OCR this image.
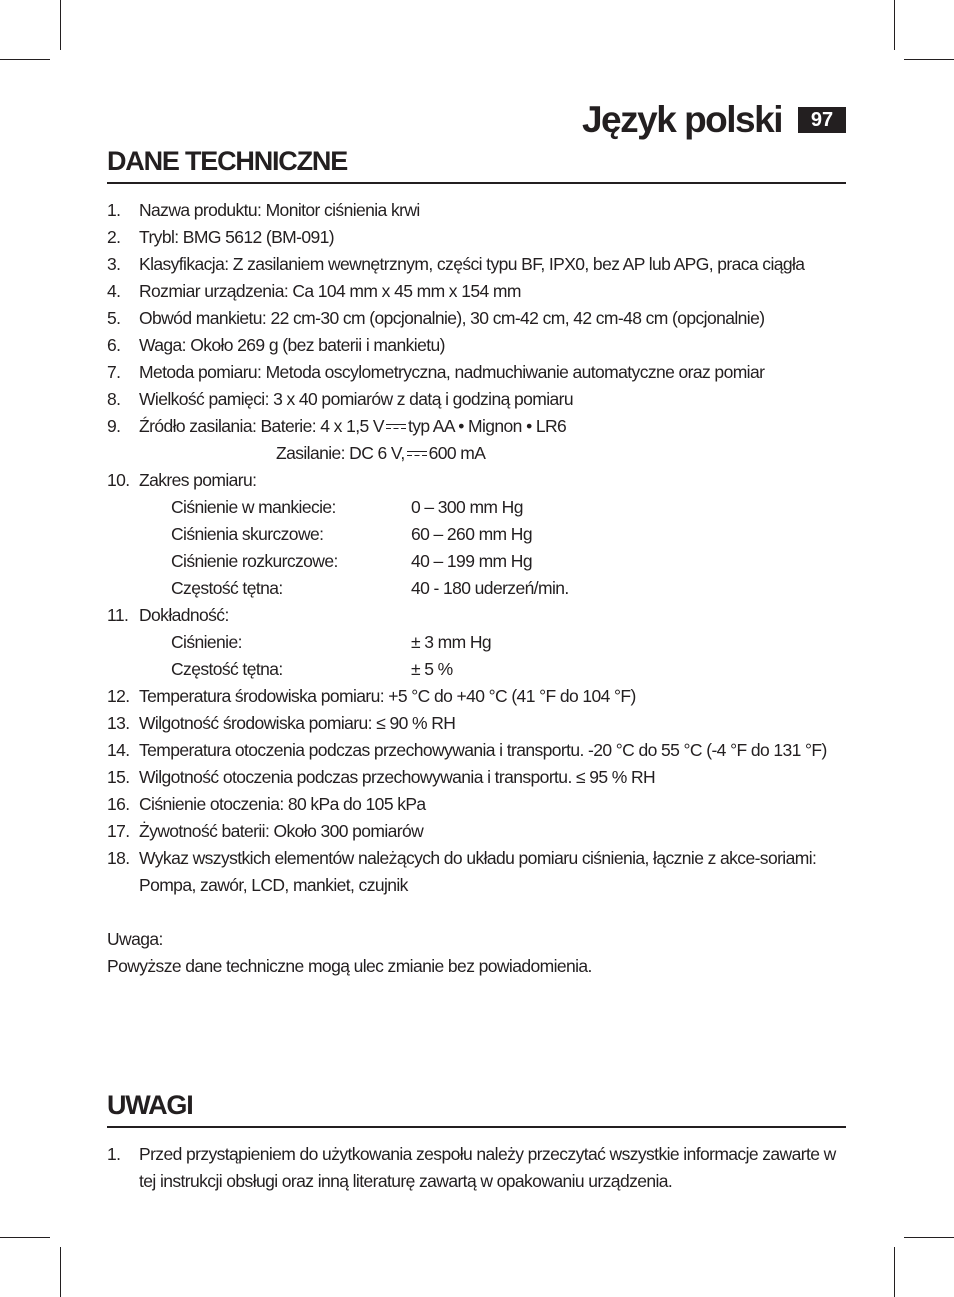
Język polski	97
DANE TECHNICZNE
1.	Nazwa produktu: Monitor ciśnienia krwi
2.	Trybl: BMG 5612 (BM-091)
3.	Klasyfikacja: Z zasilaniem wewnętrznym, części typu BF, IPX0, bez AP lub APG, praca ciągła
4.	Rozmiar urządzenia: Ca 104 mm x 45 mm x 154 mm
5.	Obwód mankietu: 22 cm-30 cm (opcjonalnie), 30 cm-42 cm, 42 cm-48 cm (opcjonalnie)
6.	Waga: Około 269 g (bez baterii i mankietu)
7.	Metoda pomiaru: Metoda oscylometryczna, nadmuchiwanie automatyczne oraz pomiar
8.	Wielkość pamięci: 3 x 40 pomiarów z datą i godziną pomiaru
9.	Źródło zasilania: Baterie: 4 x 1,5 V typ AA • Mignon • LR6
Zasilanie: DC 6 V, 600 mA
10. Zakres pomiaru:
Ciśnienie w mankiecie:	0 – 300 mm Hg
Ciśnienia skurczowe:	60 – 260 mm Hg
Ciśnienie rozkurczowe:	40 – 199 mm Hg
Częstość tętna:	40 - 180 uderzeń/min.
11. Dokładność:
Ciśnienie:	± 3 mm Hg
Częstość tętna:	± 5 %
12. Temperatura środowiska pomiaru: +5 °C do +40 °C (41 °F do 104 °F)
13. Wilgotność środowiska pomiaru: ≤ 90 % RH
14. Temperatura otoczenia podczas przechowywania i transportu. -20 °C do 55 °C (-4 °F do 131 °F)
15. Wilgotność otoczenia podczas przechowywania i transportu. ≤ 95 % RH
16. Ciśnienie otoczenia: 80 kPa do 105 kPa
17. Żywotność baterii: Około 300 pomiarów
18. Wykaz wszystkich elementów należących do układu pomiaru ciśnienia, łącznie z akce-soriami: Pompa, zawór, LCD, mankiet, czujnik
Uwaga:
Powyższe dane techniczne mogą ulec zmianie bez powiadomienia.
UWAGI
1.	Przed przystąpieniem do użytkowania zespołu należy przeczytać wszystkie informacje zawarte w tej instrukcji obsługi oraz inną literaturę zawartą w opakowaniu urządzenia.
